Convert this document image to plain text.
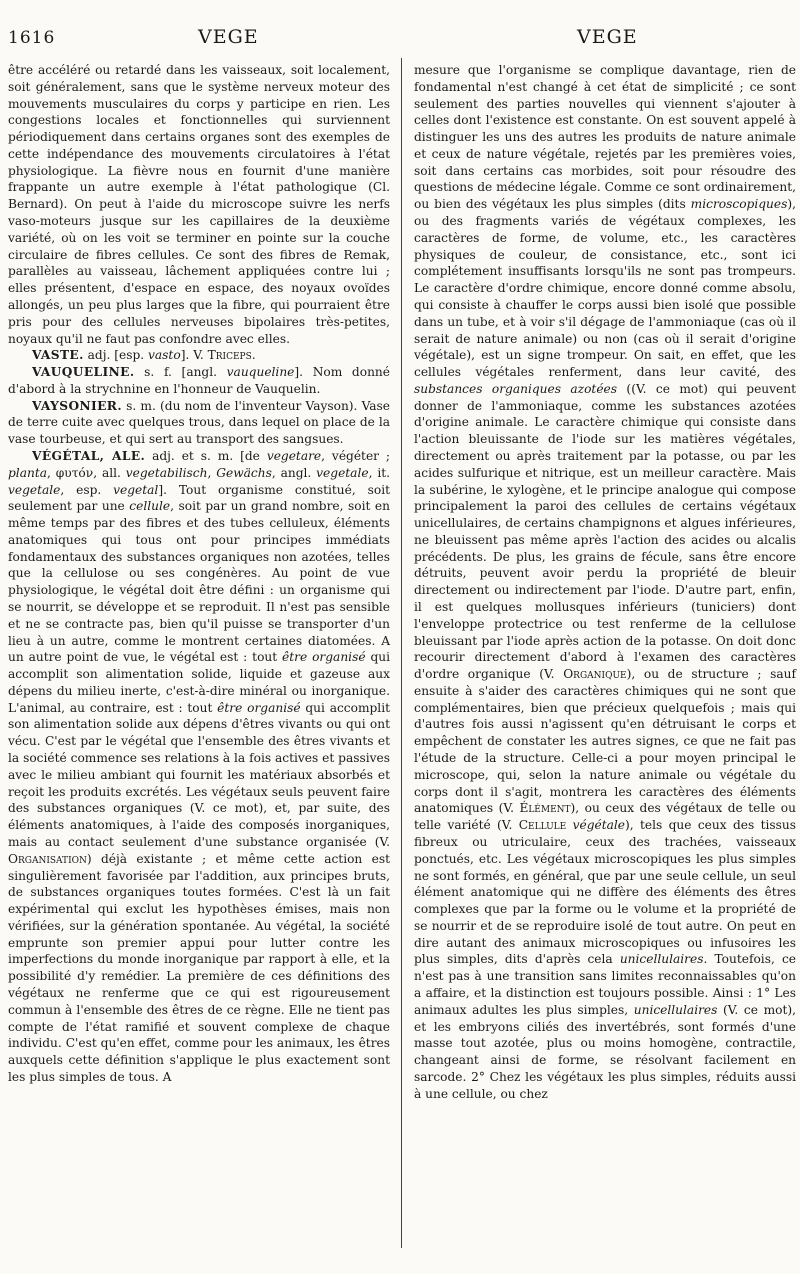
1616	VEGE	VEGE

être accéléré ou retardé dans les vaisseaux, soit localement, soit généralement, sans que le système nerveux moteur des mouvements musculaires du corps y participe en rien. Les congestions locales et fonctionnelles qui surviennent périodiquement dans certains organes sont des exemples de cette indépendance des mouvements circulatoires à l'état physiologique. La fièvre nous en fournit d'une manière frappante un autre exemple à l'état pathologique (Cl. Bernard). On peut à l'aide du microscope suivre les nerfs vaso-moteurs jusque sur les capillaires de la deuxième variété, où on les voit se terminer en pointe sur la couche circulaire de fibres cellules. Ce sont des fibres de Remak, parallèles au vaisseau, lâchement appliquées contre lui ; elles présentent, d'espace en espace, des noyaux ovoïdes allongés, un peu plus larges que la fibre, qui pourraient être pris pour des cellules nerveuses bipolaires très-petites, noyaux qu'il ne faut pas confondre avec elles.

VASTE. adj. [esp. vasto]. V. Triceps.

VAUQUELINE. s. f. [angl. vauqueline]. Nom donné d'abord à la strychnine en l'honneur de Vauquelin.

VAYSONIER. s. m. (du nom de l'inventeur Vayson). Vase de terre cuite avec quelques trous, dans lequel on place de la vase tourbeuse, et qui sert au transport des sangsues.

VÉGÉTAL, ALE. adj. et s. m. [de vegetare, végéter ; planta, φυτόν, all. vegetabilisch, Gewächs, angl. vegetale, it. vegetale, esp. vegetal]. Tout organisme constitué, soit seulement par une cellule, soit par un grand nombre, soit en même temps par des fibres et des tubes celluleux, éléments anatomiques qui tous ont pour principes immédiats fondamentaux des substances organiques non azotées, telles que la cellulose ou ses congénères. Au point de vue physiologique, le végétal doit être défini : un organisme qui se nourrit, se développe et se reproduit. Il n'est pas sensible et ne se contracte pas, bien qu'il puisse se transporter d'un lieu à un autre, comme le montrent certaines diatomées. A un autre point de vue, le végétal est : tout être organisé qui accomplit son alimentation solide, liquide et gazeuse aux dépens du milieu inerte, c'est-à-dire minéral ou inorganique. L'animal, au contraire, est : tout être organisé qui accomplit son alimentation solide aux dépens d'êtres vivants ou qui ont vécu. C'est par le végétal que l'ensemble des êtres vivants et la société commence ses relations à la fois actives et passives avec le milieu ambiant qui fournit les matériaux absorbés et reçoit les produits excrétés. Les végétaux seuls peuvent faire des substances organiques (V. ce mot), et, par suite, des éléments anatomiques, à l'aide des composés inorganiques, mais au contact seulement d'une substance organisée (V. Organisation) déjà existante ; et même cette action est singulièrement favorisée par l'addition, aux principes bruts, de substances organiques toutes formées. C'est là un fait expérimental qui exclut les hypothèses émises, mais non vérifiées, sur la génération spontanée. Au végétal, la société emprunte son premier appui pour lutter contre les imperfections du monde inorganique par rapport à elle, et la possibilité d'y remédier. La première de ces définitions des végétaux ne renferme que ce qui est rigoureusement commun à l'ensemble des êtres de ce règne. Elle ne tient pas compte de l'état ramifié et souvent complexe de chaque individu. C'est qu'en effet, comme pour les animaux, les êtres auxquels cette définition s'applique le plus exactement sont les plus simples de tous. A

mesure que l'organisme se complique davantage, rien de fondamental n'est changé à cet état de simplicité ; ce sont seulement des parties nouvelles qui viennent s'ajouter à celles dont l'existence est constante. On est souvent appelé à distinguer les uns des autres les produits de nature animale et ceux de nature végétale, rejetés par les premières voies, soit dans certains cas morbides, soit pour résoudre des questions de médecine légale. Comme ce sont ordinairement, ou bien des végétaux les plus simples (dits microscopiques), ou des fragments variés de végétaux complexes, les caractères de forme, de volume, etc., les caractères physiques de couleur, de consistance, etc., sont ici complétement insuffisants lorsqu'ils ne sont pas trompeurs. Le caractère d'ordre chimique, encore donné comme absolu, qui consiste à chauffer le corps aussi bien isolé que possible dans un tube, et à voir s'il dégage de l'ammoniaque (cas où il serait de nature animale) ou non (cas où il serait d'origine végétale), est un signe trompeur. On sait, en effet, que les cellules végétales renferment, dans leur cavité, des substances organiques azotées ((V. ce mot) qui peuvent donner de l'ammoniaque, comme les substances azotées d'origine animale. Le caractère chimique qui consiste dans l'action bleuissante de l'iode sur les matières végétales, directement ou après traitement par la potasse, ou par les acides sulfurique et nitrique, est un meilleur caractère. Mais la subérine, le xylogène, et le principe analogue qui compose principalement la paroi des cellules de certains végétaux unicellulaires, de certains champignons et algues inférieures, ne bleuissent pas même après l'action des acides ou alcalis précédents. De plus, les grains de fécule, sans être encore détruits, peuvent avoir perdu la propriété de bleuir directement ou indirectement par l'iode. D'autre part, enfin, il est quelques mollusques inférieurs (tuniciers) dont l'enveloppe protectrice ou test renferme de la cellulose bleuissant par l'iode après action de la potasse. On doit donc recourir directement d'abord à l'examen des caractères d'ordre organique (V. Organique), ou de structure ; sauf ensuite à s'aider des caractères chimiques qui ne sont que complémentaires, bien que précieux quelquefois ; mais qui d'autres fois aussi n'agissent qu'en détruisant le corps et empêchent de constater les autres signes, ce que ne fait pas l'étude de la structure. Celle-ci a pour moyen principal le microscope, qui, selon la nature animale ou végétale du corps dont il s'agit, montrera les caractères des éléments anatomiques (V. Élément), ou ceux des végétaux de telle ou telle variété (V. Cellule végétale), tels que ceux des tissus fibreux ou utriculaire, ceux des trachées, vaisseaux ponctués, etc. Les végétaux microscopiques les plus simples ne sont formés, en général, que par une seule cellule, un seul élément anatomique qui ne diffère des éléments des êtres complexes que par la forme ou le volume et la propriété de se nourrir et de se reproduire isolé de tout autre. On peut en dire autant des animaux microscopiques ou infusoires les plus simples, dits d'après cela unicellulaires. Toutefois, ce n'est pas à une transition sans limites reconnaissables qu'on a affaire, et la distinction est toujours possible. Ainsi : 1° Les animaux adultes les plus simples, unicellulaires (V. ce mot), et les embryons ciliés des invertébrés, sont formés d'une masse tout azotée, plus ou moins homogène, contractile, changeant ainsi de forme, se résolvant facilement en sarcode. 2° Chez les végétaux les plus simples, réduits aussi à une cellule, ou chez
